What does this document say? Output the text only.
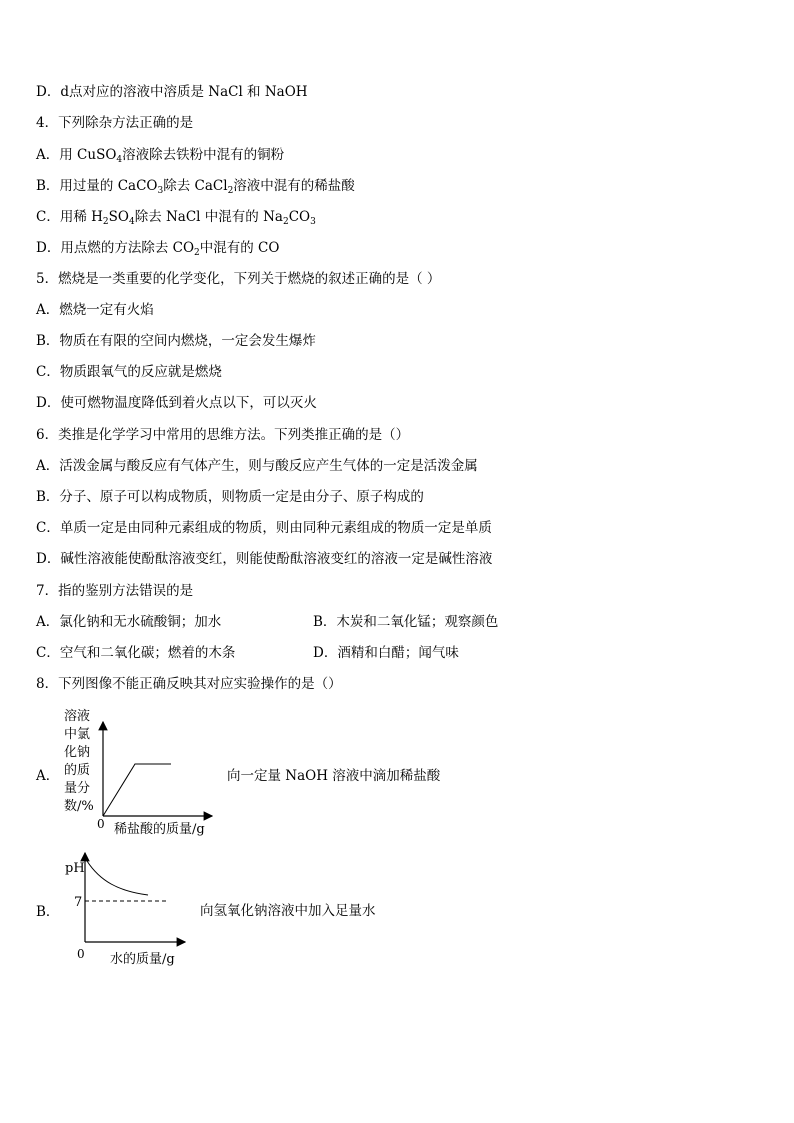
D．d点对应的溶液中溶质是 NaCl 和 NaOH
4．下列除杂方法正确的是
A．用 CuSO$_4$溶液除去铁粉中混有的铜粉
B．用过量的 CaCO$_3$除去 CaCl$_2$溶液中混有的稀盐酸
C．用稀 $H_2SO_4$除去 NaCl 中混有的 $Na_2CO_3$
D．用点燃的方法除去 $CO_2$中混有的 CO
5．燃烧是一类重要的化学变化，下列关于燃烧的叙述正确的是（ ）
A．燃烧一定有火焰
B．物质在有限的空间内燃烧，一定会发生爆炸
C．物质跟氧气的反应就是燃烧
D．使可燃物温度降低到着火点以下，可以灭火
6．类推是化学学习中常用的思维方法。下列类推正确的是（）
A．活泼金属与酸反应有气体产生，则与酸反应产生气体的一定是活泼金属
B．分子、原子可以构成物质，则物质一定是由分子、原子构成的
C．单质一定是由同种元素组成的物质，则由同种元素组成的物质一定是单质
D．碱性溶液能使酚酞溶液变红，则能使酚酞溶液变红的溶液一定是碱性溶液
7．指的鉴别方法错误的是
A．氯化钠和无水硫酸铜；加水	B．木炭和二氧化锰；观察颜色
C．空气和二氧化碳；燃着的木条	D．酒精和白醋；闻气味
8．下列图像不能正确反映其对应实验操作的是（）
A．
溶液
中氯
化钠
的质
量分
数/%
0 稀盐酸的质量/g
向一定量 NaOH 溶液中滴加稀盐酸
B．
pH
7
0 水的质量/g
向氢氧化钠溶液中加入足量水
